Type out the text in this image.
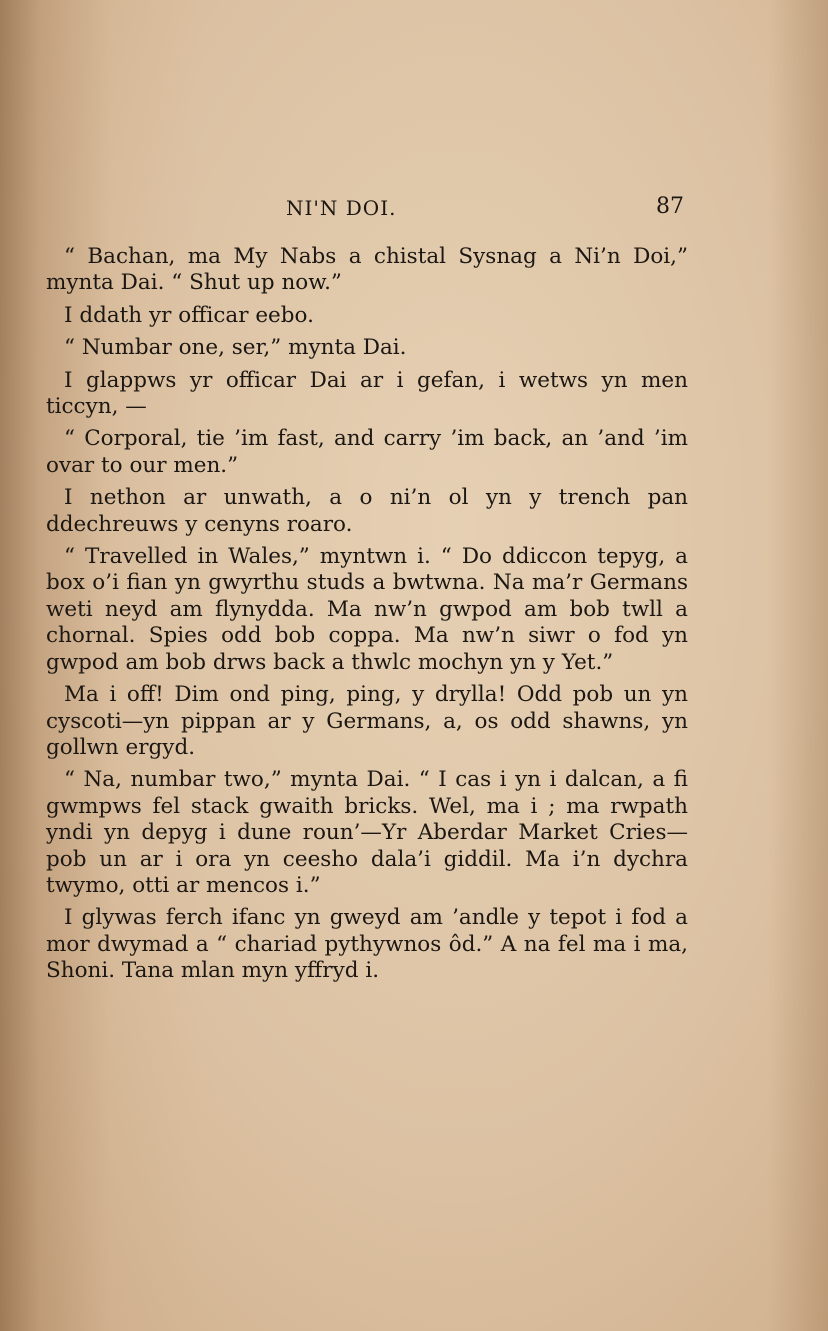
NI'N DOI.	87

“ Bachan, ma My Nabs a chistal Sysnag a Ni’n Doi,” mynta Dai. “ Shut up now.”

I ddath yr officar eebo.

“ Numbar one, ser,” mynta Dai.

I glappws yr officar Dai ar i gefan, i wetws yn men ticcyn, —

“ Corporal, tie ’im fast, and carry ’im back, an ’and ’im ovar to our men.”

I nethon ar unwath, a o ni’n ol yn y trench pan ddechreuws y cenyns roaro.

“ Travelled in Wales,” myntwn i. “ Do ddiccon tepyg, a box o’i fian yn gwyrthu studs a bwtwna. Na ma’r Germans weti neyd am flynydda. Ma nw’n gwpod am bob twll a chornal. Spies odd bob coppa. Ma nw’n siwr o fod yn gwpod am bob drws back a thwlc mochyn yn y Yet.”

Ma i off! Dim ond ping, ping, y drylla! Odd pob un yn cyscoti—yn pippan ar y Germans, a, os odd shawns, yn gollwn ergyd.

“ Na, numbar two,” mynta Dai. “ I cas i yn i dalcan, a fi gwmpws fel stack gwaith bricks. Wel, ma i ; ma rwpath yndi yn depyg i dune roun’—Yr Aberdar Market Cries—pob un ar i ora yn ceesho dala’i giddil. Ma i’n dychra twymo, otti ar mencos i.”

I glywas ferch ifanc yn gweyd am ’andle y tepot i fod a mor dwymad a “ chariad pythywnos ôd.” A na fel ma i ma, Shoni. Tana mlan myn yffryd i.
